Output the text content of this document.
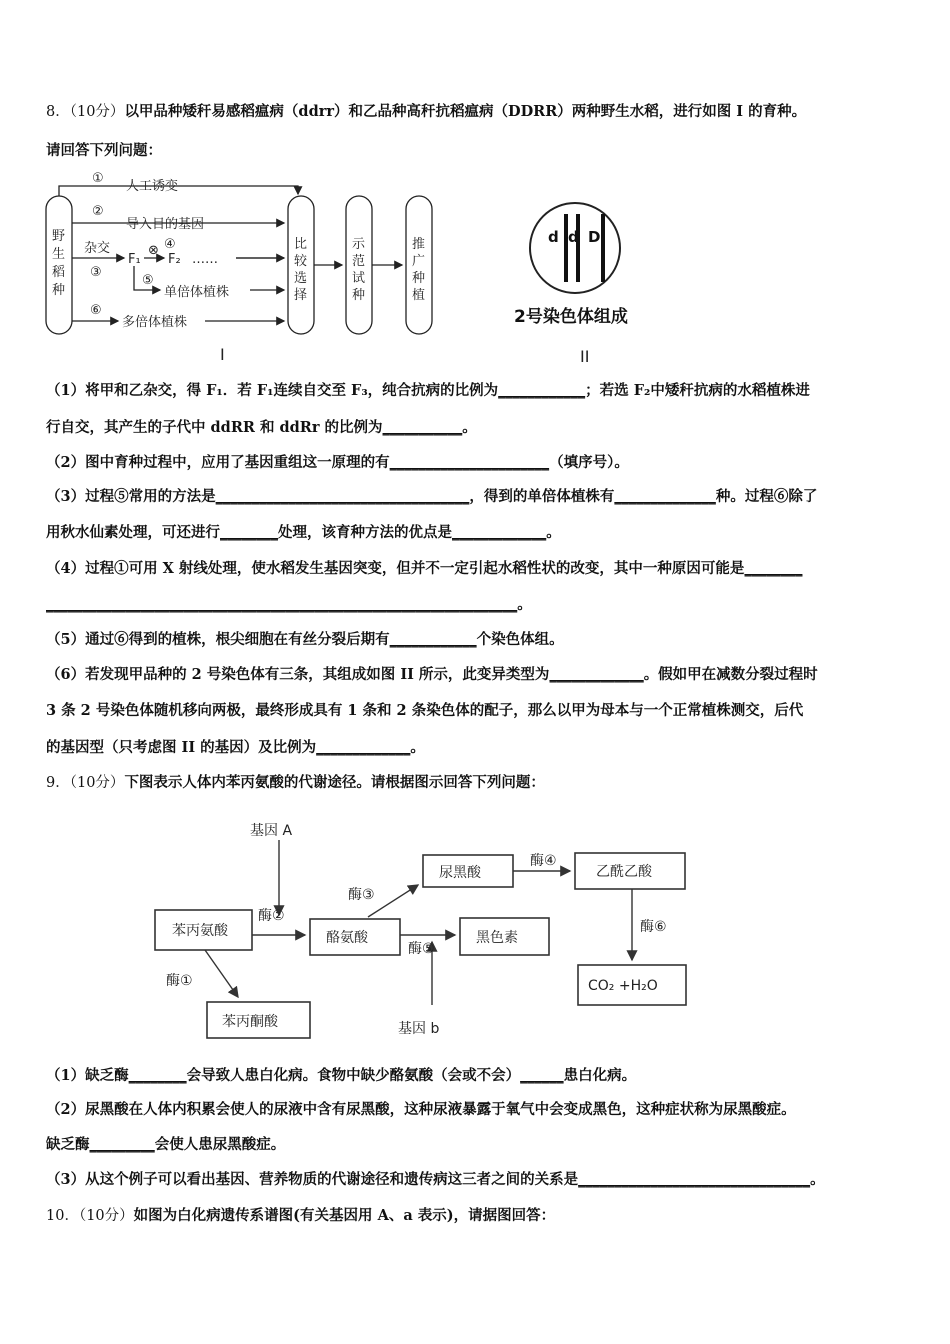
8．（10分）以甲品种矮秆易感稻瘟病（ddrr）和乙品种高秆抗稻瘟病（DDRR）两种野生水稻，进行如图 I 的育种。
请回答下列问题：
野
生
稻
种
①
人工诱变
②
导入目的基因
杂交
③
F₁
⊗ ④
F₂ ……
⑤
单倍体植株
⑥
多倍体植株
比
较
选
择
示
范
试
种
推
广
种
植
I
d d D
2号染色体组成
II
（1）将甲和乙杂交，得 F₁．若 F₁连续自交至 F₃，纯合抗病的比例为____________；若选 F₂中矮秆抗病的水稻植株进
行自交，其产生的子代中 ddRR 和 ddRr 的比例为___________。
（2）图中育种过程中，应用了基因重组这一原理的有______________________（填序号）。
（3）过程⑤常用的方法是___________________________________，得到的单倍体植株有______________种。过程⑥除了
用秋水仙素处理，可还进行________处理，该育种方法的优点是_____________。
（4）过程①可用 X 射线处理，使水稻发生基因突变，但并不一定引起水稻性状的改变，其中一种原因可能是________
_________________________________________________________________。
（5）通过⑥得到的植株，根尖细胞在有丝分裂后期有____________个染色体组。
（6）若发现甲品种的 2 号染色体有三条，其组成如图 II 所示，此变异类型为_____________。假如甲在减数分裂过程时
3 条 2 号染色体随机移向两极，最终形成具有 1 条和 2 条染色体的配子，那么以甲为母本与一个正常植株测交，后代
的基因型（只考虑图 II 的基因）及比例为_____________。
9．（10分）下图表示人体内苯丙氨酸的代谢途径。请根据图示回答下列问题：
基因 A
基因 b
苯丙氨酸	酪氨酸
尿黑酸	乙酰乙酸
黑色素
CO₂ +H₂O
苯丙酮酸
酶①
酶②
酶③
酶④
酶⑤
酶⑥
（1）缺乏酶________会导致人患白化病。食物中缺少酪氨酸（会或不会）______患白化病。
（2）尿黑酸在人体内积累会使人的尿液中含有尿黑酸，这种尿液暴露于氧气中会变成黑色，这种症状称为尿黑酸症。
缺乏酶_________会使人患尿黑酸症。
（3）从这个例子可以看出基因、营养物质的代谢途径和遗传病这三者之间的关系是________________________________。
10．（10分）如图为白化病遗传系谱图(有关基因用 A、a 表示)，请据图回答：
